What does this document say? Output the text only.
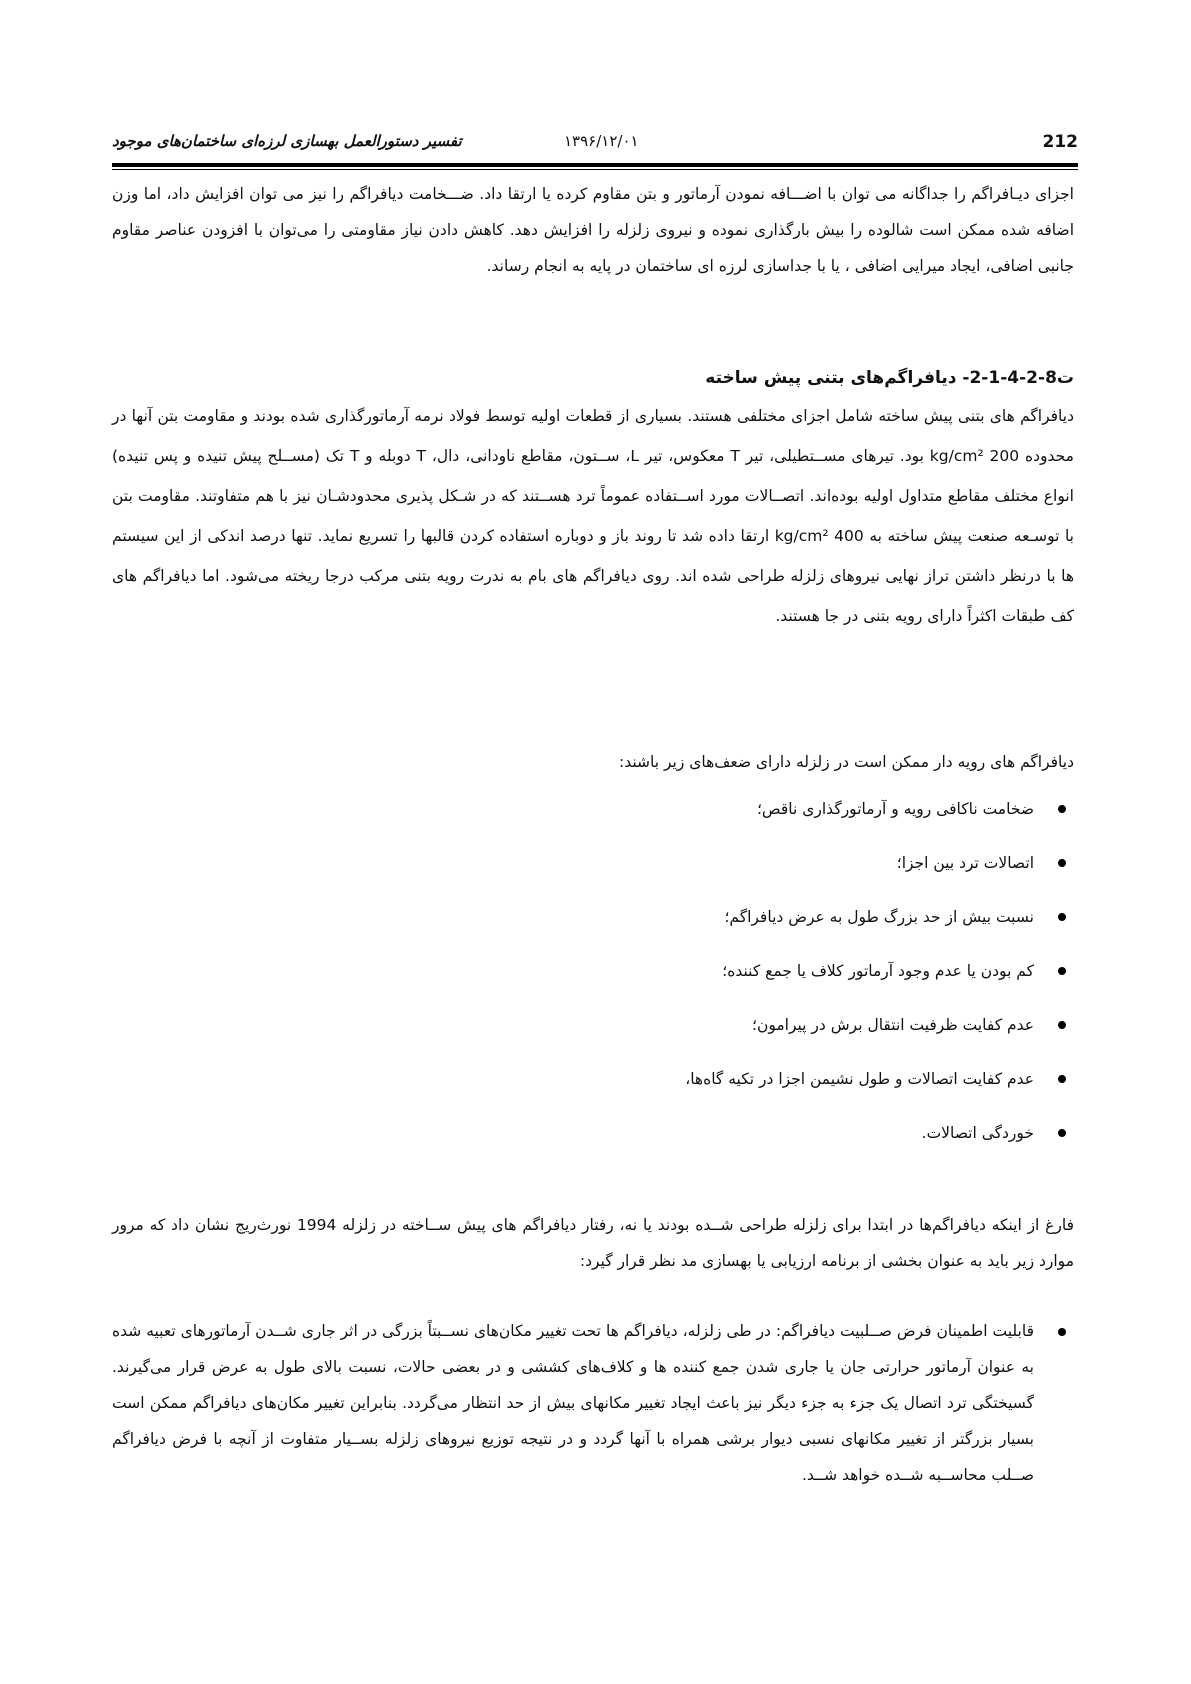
212
۱۳۹۶/۱۲/۰۱
تفسیر دستورالعمل بهسازی لرزه‌ای ساختمان‌های موجود

اجزای دیـافراگم را جداگانه می توان با اضـــافه نمودن آرماتور و بتن مقاوم کرده یا ارتقا داد. ضـــخامت دیافراگم را نیز می توان افزایش داد، اما وزن اضافه شده ممکن است شالوده را بیش بارگذاری نموده و نیروی زلزله را افزایش دهد. کاهش دادن نیاز مقاومتی را می‌توان با افزودن عناصر مقاوم جانبی اضافی، ایجاد میرایی اضافی ، یا با جداسازی لرزه ای ساختمان در پایه به انجام رساند.

ت8-2-4-1-2- دیافراگم‌های بتنی پیش ساخته

دیافراگم های بتنی پیش ساخته شامل اجزای مختلفی هستند. بسیاری از قطعات اولیه توسط فولاد نرمه آرماتورگذاری شده بودند و مقاومت بتن آنها در محدوده 200 kg/cm² بود. تیرهای مســتطیلی، تیر T معکوس، تیر L، ســتون، مقاطع ناودانی، دال، T دوبله و T تک (مســلح پیش تنیده و پس تنیده) انواع مختلف مقاطع متداول اولیه بوده‌اند. اتصــالات مورد اســتفاده عموماً ترد هســتند که در شـکل پذیری محدودشـان نیز با هم متفاوتند. مقاومت بتن با توسـعه صنعت پیش ساخته به 400 kg/cm² ارتقا داده شد تا روند باز و دوباره استفاده کردن قالبها را تسریع نماید. تنها درصد اندکی از این سیستم ها با درنظر داشتن تراز نهایی نیروهای زلزله طراحی شده اند. روی دیافراگم های بام به ندرت رویه بتنی مرکب درجا ریخته می‌شود. اما دیافراگم های کف طبقات اکثراً دارای رویه بتنی در جا هستند.

دیافراگم های رویه دار ممکن است در زلزله دارای ضعف‌های زیر باشند:
ضخامت ناکافی رویه و آرماتورگذاری ناقص؛
اتصالات ترد بین اجزا؛
نسبت بیش از حد بزرگ طول به عرض دیافراگم؛
کم بودن یا عدم وجود آرماتور کلاف یا جمع کننده؛
عدم کفایت ظرفیت انتقال برش در پیرامون؛
عدم کفایت اتصالات و طول نشیمن اجزا در تکیه گاه‌ها،
خوردگی اتصالات.

فارغ از اینکه دیافراگم‌ها در ابتدا برای زلزله طراحی شــده بودند یا نه، رفتار دیافراگم های پیش ســاخته در زلزله 1994 نورث‌ریج نشان داد که مرور موارد زیر باید به عنوان بخشی از برنامه ارزیابی یا بهسازی مد نظر قرار گیرد:

قابلیت اطمینان فرض صــلبیت دیافراگم: در طی زلزله، دیافراگم ها تحت تغییر مکان‌های نســبتاً بزرگی در اثر جاری شــدن آرماتورهای تعبیه شده به عنوان آرماتور حرارتی جان یا جاری شدن جمع کننده ها و کلاف‌های کششی و در بعضی حالات، نسبت بالای طول به عرض قرار می‌گیرند. گسیختگی ترد اتصال یک جزء به جزء دیگر نیز باعث ایجاد تغییر مکانهای بیش از حد انتظار می‌گردد. بنابراین تغییر مکان‌های دیافراگم ممکن است بسیار بزرگتر از تغییر مکانهای نسبی دیوار برشی همراه با آنها گردد و در نتیجه توزیع نیروهای زلزله بســیار متفاوت از آنچه با فرض دیافراگم صــلب محاســبه شــده خواهد شــد.
